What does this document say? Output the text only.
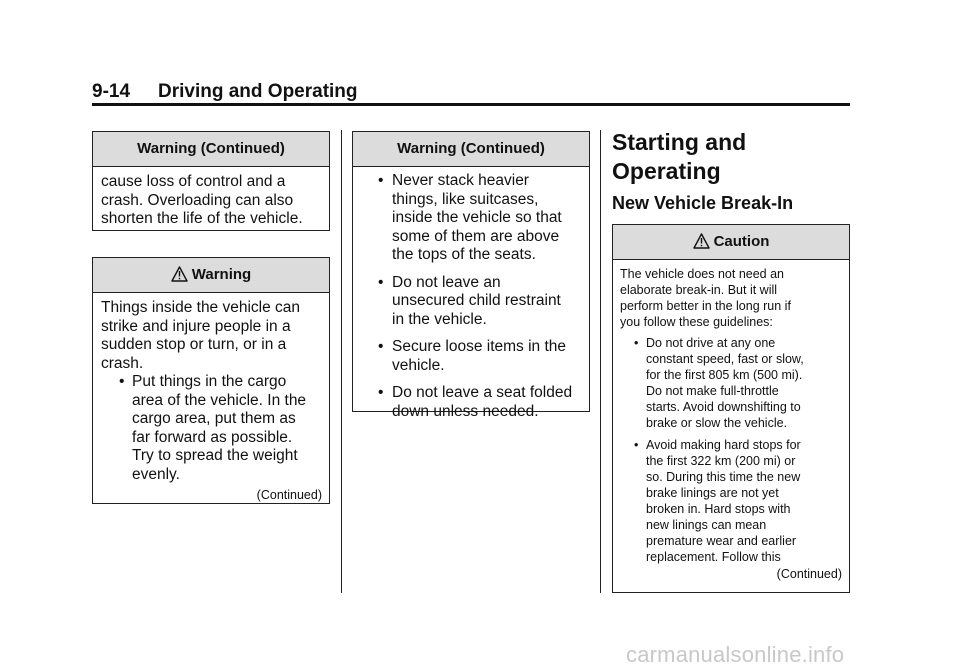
9-14 Driving and Operating
Warning (Continued)

cause loss of control and a

crash. Overloading can also

shorten the life of the vehicle.

Warning

Things inside the vehicle can

strike and injure people in a

sudden stop or turn, or in a

crash.

• Put things in the cargo
area of the vehicle. In the
cargo area, put them as
far forward as possible.
Try to spread the weight
evenly.
(Continued)
Warning (Continued)
• Never stack heavier
things, like suitcases,
inside the vehicle so that
some of them are above
the tops of the seats.
• Do not leave an
unsecured child restraint
in the vehicle.
• Secure loose items in the
vehicle.
• Do not leave a seat folded
down unless needed.
Starting and
Operating
New Vehicle Break-In
Caution

The vehicle does not need an

elaborate break-in. But it will

perform better in the long run if

you follow these guidelines:

• Do not drive at any one
constant speed, fast or slow,
for the first 805 km (500 mi).
Do not make full-throttle
starts. Avoid downshifting to
brake or slow the vehicle.
• Avoid making hard stops for
the first 322 km (200 mi) or
so. During this time the new
brake linings are not yet
broken in. Hard stops with
new linings can mean
premature wear and earlier
replacement. Follow this
(Continued)
carmanualsonline.info
